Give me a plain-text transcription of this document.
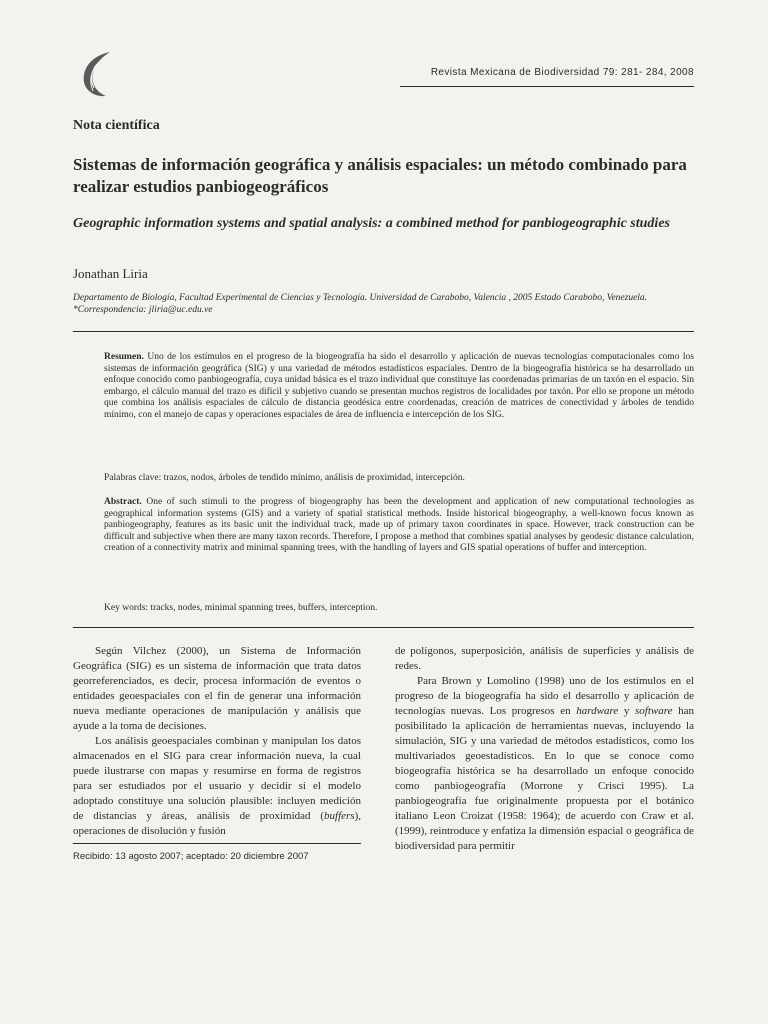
Revista Mexicana de Biodiversidad 79: 281- 284, 2008
Nota científica
Sistemas de información geográfica y análisis espaciales: un método combinado para realizar estudios panbiogeográficos
Geographic information systems and spatial analysis: a combined method for panbiogeographic studies
Jonathan Liria
Departamento de Biología, Facultad Experimental de Ciencias y Tecnología. Universidad de Carabobo, Valencia , 2005 Estado Carabobo, Venezuela.
*Correspondencia: jliria@uc.edu.ve
Resumen. Uno de los estímulos en el progreso de la biogeografía ha sido el desarrollo y aplicación de nuevas tecnologías computacionales como los sistemas de información geográfica (SIG) y una variedad de métodos estadísticos espaciales. Dentro de la biogeografía histórica se ha desarrollado un enfoque conocido como panbiogeografía, cuya unidad básica es el trazo individual que constituye las coordenadas primarias de un taxón en el espacio. Sin embargo, el cálculo manual del trazo es difícil y subjetivo cuando se presentan muchos registros de localidades por taxón. Por ello se propone un método que combina los análisis espaciales de cálculo de distancia geodésica entre coordenadas, creación de matrices de conectividad y árboles de tendido mínimo, con el manejo de capas y operaciones espaciales de área de influencia e intercepción de los SIG.
Palabras clave: trazos, nodos, árboles de tendido mínimo, análisis de proximidad, intercepción.
Abstract. One of such stimuli to the progress of biogeography has been the development and application of new computational technologies as geographical information systems (GIS) and a variety of spatial statistical methods. Inside historical biogeography, a well-known focus known as panbiogeography, features as its basic unit the individual track, made up of primary taxon coordinates in space. However, track construction can be difficult and subjective when there are many taxon records. Therefore, I propose a method that combines spatial analyses by geodesic distance calculation, creation of a connectivity matrix and minimal spanning trees, with the handling of layers and GIS spatial operations of buffer and interception.
Key words: tracks, nodes, minimal spanning trees, buffers, interception.

Según Vilchez (2000), un Sistema de Información Geográfica (SIG) es un sistema de información que trata datos georreferenciados, es decir, procesa información de eventos o entidades geoespaciales con el fin de generar una información nueva mediante operaciones de manipulación y análisis que ayude a la toma de decisiones.

Los análisis geoespaciales combinan y manipulan los datos almacenados en el SIG para crear información nueva, la cual puede ilustrarse con mapas y resumirse en forma de registros para ser estudiados por el usuario y decidir si el modelo adoptado constituye una solución plausible: incluyen medición de distancias y áreas, análisis de proximidad (buffers), operaciones de disolución y fusión

Recibido: 13 agosto 2007; aceptado: 20 diciembre 2007

de polígonos, superposición, análisis de superficies y análisis de redes.

Para Brown y Lomolino (1998) uno de los estímulos en el progreso de la biogeografía ha sido el desarrollo y aplicación de tecnologías nuevas. Los progresos en hardware y software han posibilitado la aplicación de herramientas nuevas, incluyendo la simulación, SIG y una variedad de métodos estadísticos, como los multivariados geoestadísticos. En lo que se conoce como biogeografía histórica se ha desarrollado un enfoque conocido como panbiogeografía (Morrone y Crisci 1995). La panbiogeografía fue originalmente propuesta por el botánico italiano Leon Croizat (1958: 1964); de acuerdo con Craw et al. (1999), reintroduce y enfatiza la dimensión espacial o geográfica de biodiversidad para permitir
